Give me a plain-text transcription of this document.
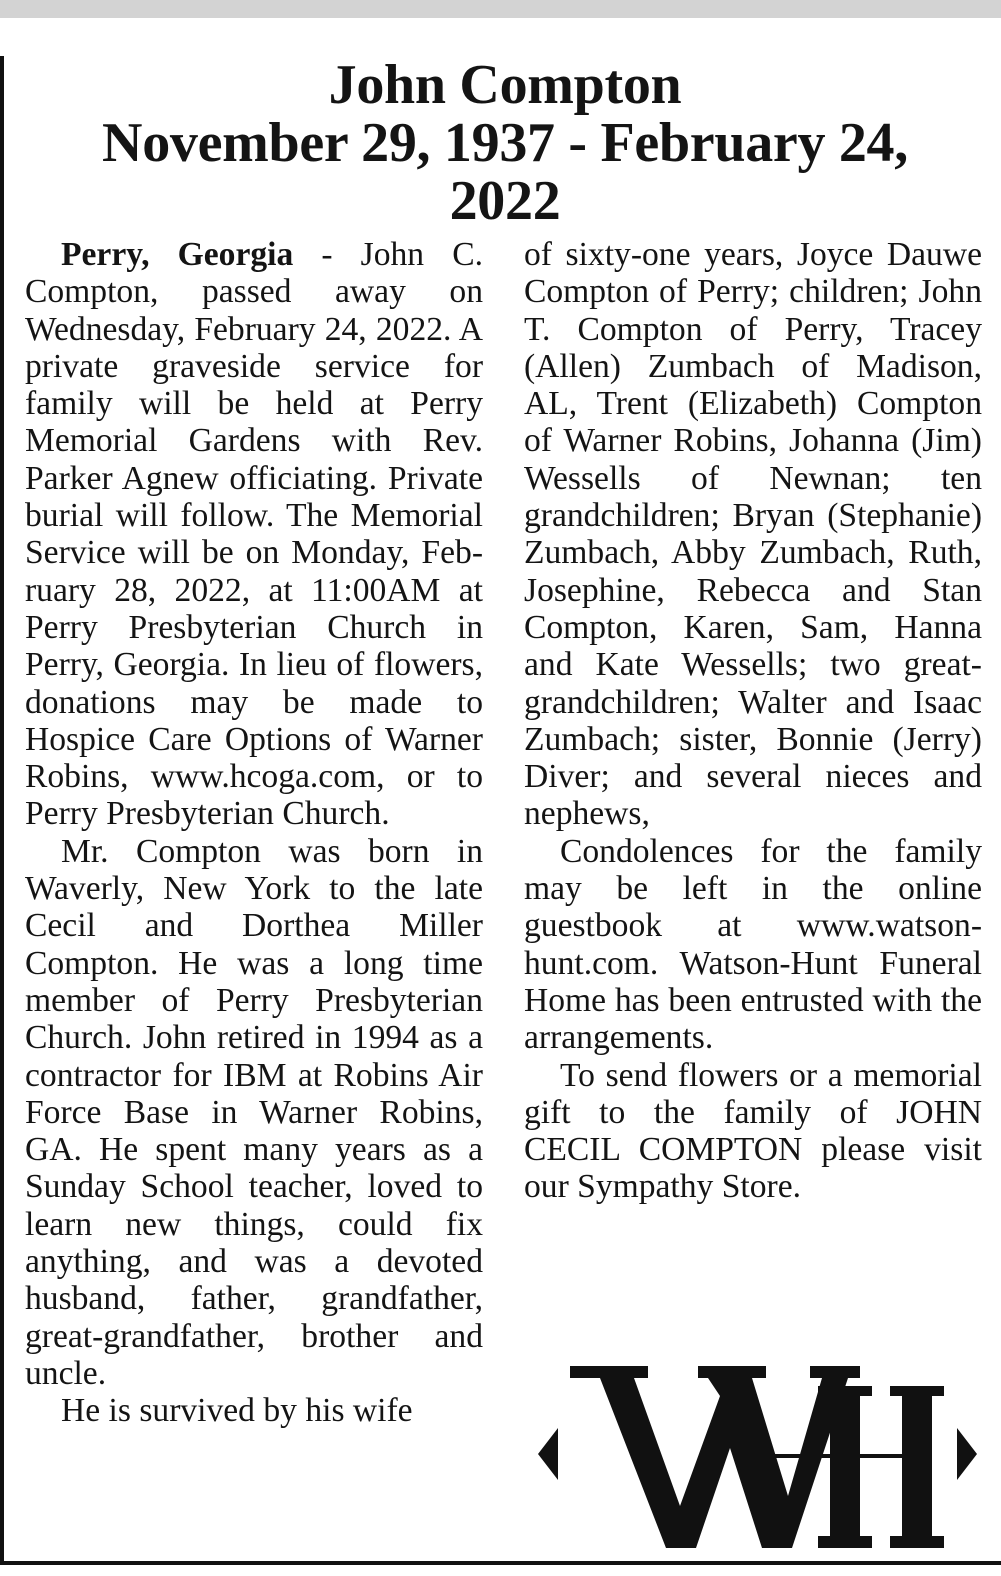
John Compton
November 29, 1937 - February 24,
2022

Perry, Georgia - John C. Compton, passed away on Wednesday, February 24, 2022. A private graveside service for family will be held at Perry Memorial Gardens with Rev. Parker Agnew officiating. Private burial will follow. The Memorial Service will be on Monday, February 28, 2022, at 11:00AM at Perry Presbyterian Church in Perry, Georgia. In lieu of flowers, donations may be made to Hospice Care Options of Warner Robins, www.hcoga.com, or to Perry Presbyterian Church.

Mr. Compton was born in Waverly, New York to the late Cecil and Dorthea Miller Compton. He was a long time member of Perry Presbyterian Church. John retired in 1994 as a contractor for IBM at Robins Air Force Base in Warner Robins, GA. He spent many years as a Sunday School teacher, loved to learn new things, could fix anything, and was a devoted husband, father, grandfather, great-grandfather, brother and uncle.

He is survived by his wife

of sixty-one years, Joyce Dauwe Compton of Perry; children; John T. Compton of Perry, Tracey (Allen) Zumbach of Madison, AL, Trent (Elizabeth) Compton of Warner Robins, Johanna (Jim) Wessells of Newnan; ten grandchildren; Bryan (Stephanie) Zumbach, Abby Zumbach, Ruth, Josephine, Rebecca and Stan Compton, Karen, Sam, Hanna and Kate Wessells; two great-grandchildren; Walter and Isaac Zumbach; sister, Bonnie (Jerry) Diver; and several nieces and nephews,

Condolences for the family may be left in the online guestbook at www.watson-hunt.com. Watson-Hunt Funeral Home has been entrusted with the arrangements.

To send flowers or a memorial gift to the family of JOHN CECIL COMPTON please visit our Sympathy Store.

WH
